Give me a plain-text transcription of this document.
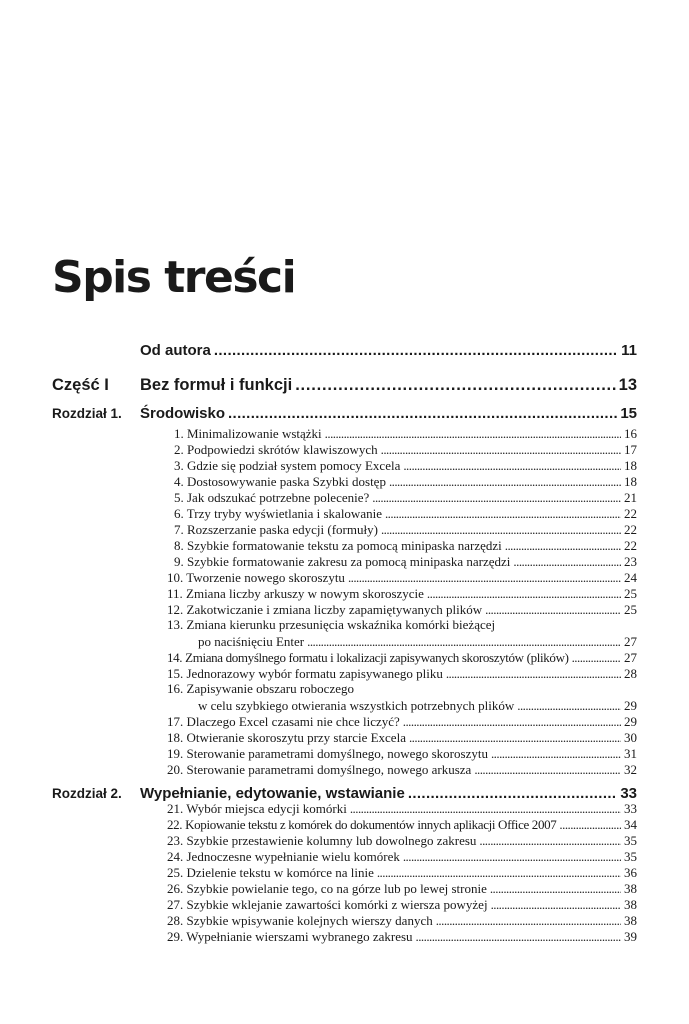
Spis treści
Od autora . . .	11
Część I Bez formuł i funkcji . . .	13
Rozdział 1. Środowisko . . .	15
1. Minimalizowanie wstążki . . .	16
2. Podpowiedzi skrótów klawiszowych . . .	17
3. Gdzie się podział system pomocy Excela . . .	18
4. Dostosowywanie paska Szybki dostęp . . .	18
5. Jak odszukać potrzebne polecenie? . . .	21
6. Trzy tryby wyświetlania i skalowanie . . .	22
7. Rozszerzanie paska edycji (formuły) . . .	22
8. Szybkie formatowanie tekstu za pomocą minipaska narzędzi . . .	22
9. Szybkie formatowanie zakresu za pomocą minipaska narzędzi . . .	23
10. Tworzenie nowego skoroszytu . . .	24
11. Zmiana liczby arkuszy w nowym skoroszycie . . .	25
12. Zakotwiczanie i zmiana liczby zapamiętywanych plików . . .	25
13. Zmiana kierunku przesunięcia wskaźnika komórki bieżącej
po naciśnięciu Enter . . .	27
14. Zmiana domyślnego formatu i lokalizacji zapisywanych skoroszytów (plików) . . .	27
15. Jednorazowy wybór formatu zapisywanego pliku . . .	28
16. Zapisywanie obszaru roboczego
w celu szybkiego otwierania wszystkich potrzebnych plików . . .	29
17. Dlaczego Excel czasami nie chce liczyć? . . .	29
18. Otwieranie skoroszytu przy starcie Excela . . .	30
19. Sterowanie parametrami domyślnego, nowego skoroszytu . . .	31
20. Sterowanie parametrami domyślnego, nowego arkusza . . .	32
Rozdział 2. Wypełnianie, edytowanie, wstawianie . . .	33
21. Wybór miejsca edycji komórki . . .	33
22. Kopiowanie tekstu z komórek do dokumentów innych aplikacji Office 2007 . . .	34
23. Szybkie przestawienie kolumny lub dowolnego zakresu . . .	35
24. Jednoczesne wypełnianie wielu komórek . . .	35
25. Dzielenie tekstu w komórce na linie . . .	36
26. Szybkie powielanie tego, co na górze lub po lewej stronie . . .	38
27. Szybkie wklejanie zawartości komórki z wiersza powyżej . . .	38
28. Szybkie wpisywanie kolejnych wierszy danych . . .	38
29. Wypełnianie wierszami wybranego zakresu . . .	39
